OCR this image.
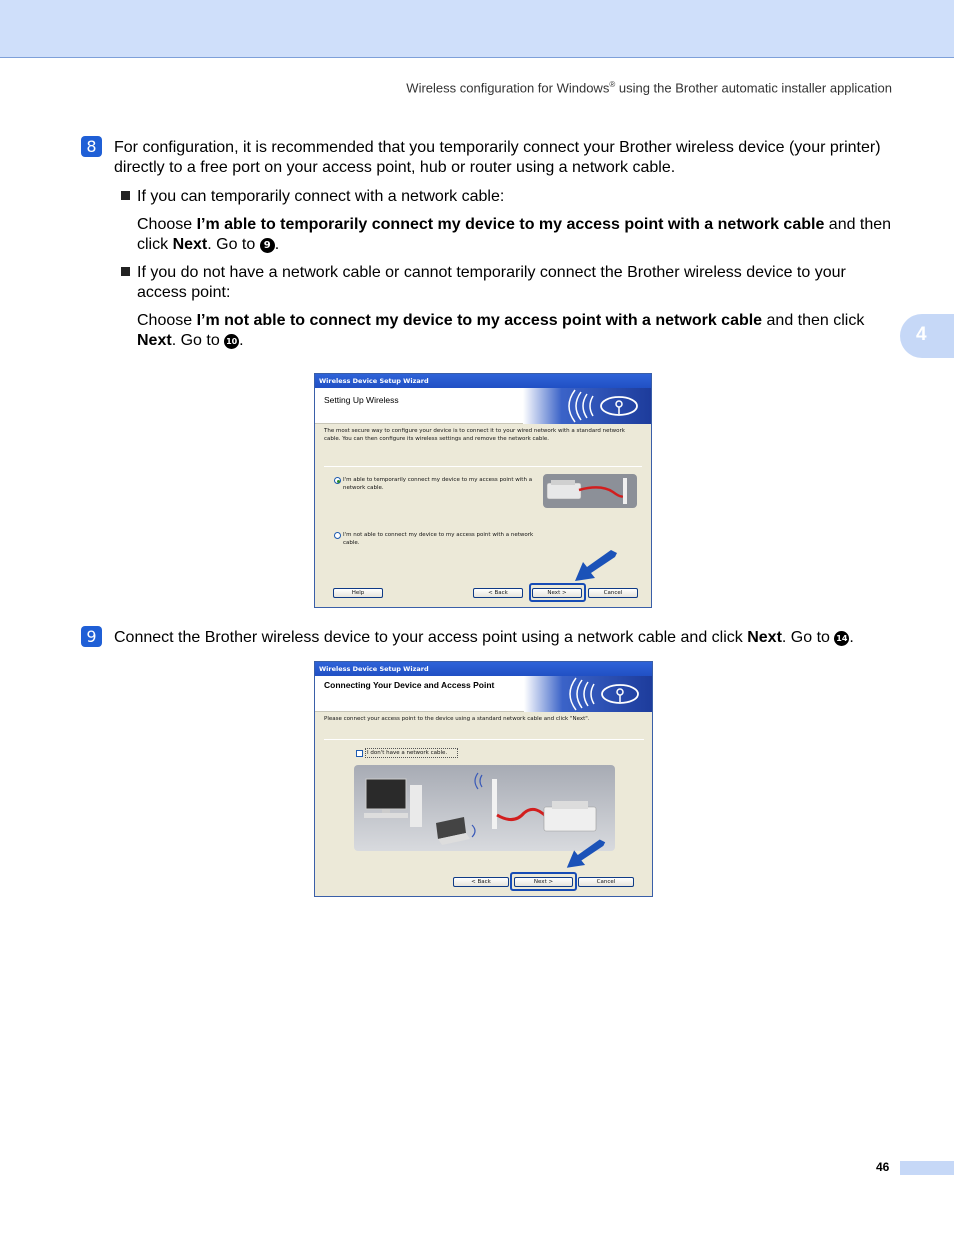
Wireless configuration for Windows® using the Brother automatic installer application
4
8	For configuration, it is recommended that you temporarily connect your Brother wireless device (your printer) directly to a free port on your access point, hub or router using a network cable.
If you can temporarily connect with a network cable:
Choose I’m able to temporarily connect my device to my access point with a network cable and then click Next. Go to 9 .
If you do not have a network cable or cannot temporarily connect the Brother wireless device to your access point:
Choose I’m not able to connect my device to my access point with a network cable and then click Next. Go to 10 .
Wireless Device Setup Wizard
Setting Up Wireless
The most secure way to configure your device is to connect it to your wired network with a standard network cable. You can then configure its wireless settings and remove the network cable.
I'm able to temporarily connect my device to my access point with a network cable.
I'm not able to connect my device to my access point with a network cable.
Help	< Back	Next >	Cancel
9	Connect the Brother wireless device to your access point using a network cable and click Next. Go to 14 .
Wireless Device Setup Wizard
Connecting Your Device and Access Point
Please connect your access point to the device using a standard network cable and click "Next".
I don't have a network cable.
< Back	Next >	Cancel
46
